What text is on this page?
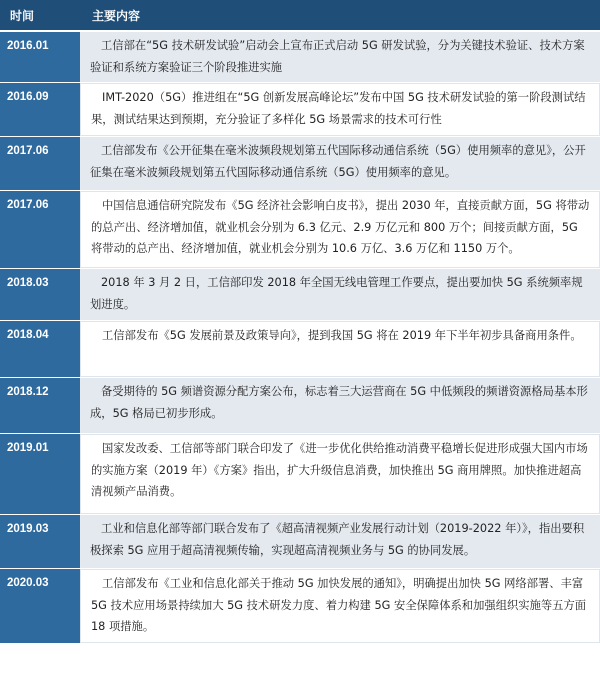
时间	主要内容
2016.01	工信部在“5G 技术研发试验”启动会上宣布正式启动 5G 研发试验，分为关键技术验证、技术方案验证和系统方案验证三个阶段推进实施
2016.09	IMT-2020（5G）推进组在“5G 创新发展高峰论坛”发布中国 5G 技术研发试验的第一阶段测试结果，测试结果达到预期，充分验证了多样化 5G 场景需求的技术可行性
2017.06	工信部发布《公开征集在毫米波频段规划第五代国际移动通信系统（5G）使用频率的意见》，公开征集在毫米波频段规划第五代国际移动通信系统（5G）使用频率的意见。
2017.06	中国信息通信研究院发布《5G 经济社会影响白皮书》，提出 2030 年，直接贡献方面，5G 将带动的总产出、经济增加值，就业机会分别为 6.3 亿元、2.9 万亿元和 800 万个；间接贡献方面，5G 将带动的总产出、经济增加值，就业机会分别为 10.6 万亿、3.6 万亿和 1150 万个。
2018.03	2018 年 3 月 2 日，工信部印发 2018 年全国无线电管理工作要点，提出要加快 5G 系统频率规划进度。
2018.04	工信部发布《5G 发展前景及政策导向》，提到我国 5G 将在 2019 年下半年初步具备商用条件。
2018.12	备受期待的 5G 频谱资源分配方案公布，标志着三大运营商在 5G 中低频段的频谱资源格局基本形成，5G 格局已初步形成。
2019.01	国家发改委、工信部等部门联合印发了《进一步优化供给推动消费平稳增长促进形成强大国内市场的实施方案（2019 年）《方案》指出，扩大升级信息消费，加快推出 5G 商用牌照。加快推进超高清视频产品消费。
2019.03	工业和信息化部等部门联合发布了《超高清视频产业发展行动计划（2019-2022 年）》，指出要积极探索 5G 应用于超高清视频传输，实现超高清视频业务与 5G 的协同发展。
2020.03	工信部发布《工业和信息化部关于推动 5G 加快发展的通知》，明确提出加快 5G 网络部署、丰富 5G 技术应用场景持续加大 5G 技术研发力度、着力构建 5G 安全保障体系和加强组织实施等五方面 18 项措施。
